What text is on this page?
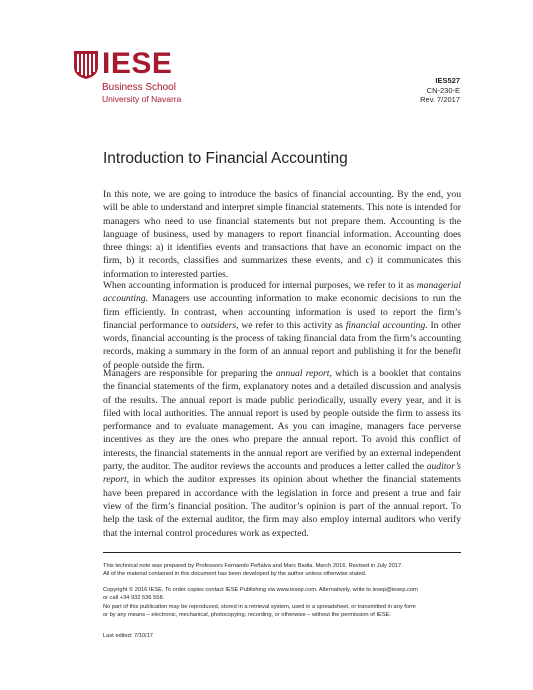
IESE
Business School
University of Navarra
IES527
CN-230-E
Rev. 7/2017
Introduction to Financial Accounting

In this note, we are going to introduce the basics of financial accounting. By the end, you will be able to understand and interpret simple financial statements. This note is intended for managers who need to use financial statements but not prepare them. Accounting is the language of business, used by managers to report financial information. Accounting does three things: a) it identifies events and transactions that have an economic impact on the firm, b) it records, classifies and summarizes these events, and c) it communicates this information to interested parties.

When accounting information is produced for internal purposes, we refer to it as managerial accounting. Managers use accounting information to make economic decisions to run the firm efficiently. In contrast, when accounting information is used to report the firm’s financial performance to outsiders, we refer to this activity as financial accounting. In other words, financial accounting is the process of taking financial data from the firm’s accounting records, making a summary in the form of an annual report and publishing it for the benefit of people outside the firm.

Managers are responsible for preparing the annual report, which is a booklet that contains the financial statements of the firm, explanatory notes and a detailed discussion and analysis of the results. The annual report is made public periodically, usually every year, and it is filed with local authorities. The annual report is used by people outside the firm to assess its performance and to evaluate management. As you can imagine, managers face perverse incentives as they are the ones who prepare the annual report. To avoid this conflict of interests, the financial statements in the annual report are verified by an external independent party, the auditor. The auditor reviews the accounts and produces a letter called the auditor’s report, in which the auditor expresses its opinion about whether the financial statements have been prepared in accordance with the legislation in force and present a true and fair view of the firm’s financial position. The auditor’s opinion is part of the annual report. To help the task of the external auditor, the firm may also employ internal auditors who verify that the internal control procedures work as expected.

This technical note was prepared by Professors Fernando Peñalva and Marc Badia. March 2016. Revised in July 2017.
All of the material contained in this document has been developed by the author unless otherwise stated.
Copyright © 2016 IESE. To order copies contact IESE Publishing via www.iesep.com. Alternatively, write to iesep@iesep.com
or call +34 932 536 558.
No part of this publication may be reproduced, stored in a retrieval system, used in a spreadsheet, or transmitted in any form
or by any means – electronic, mechanical, photocopying, recording, or otherwise – without the permission of IESE.
Last edited: 7/10/17
